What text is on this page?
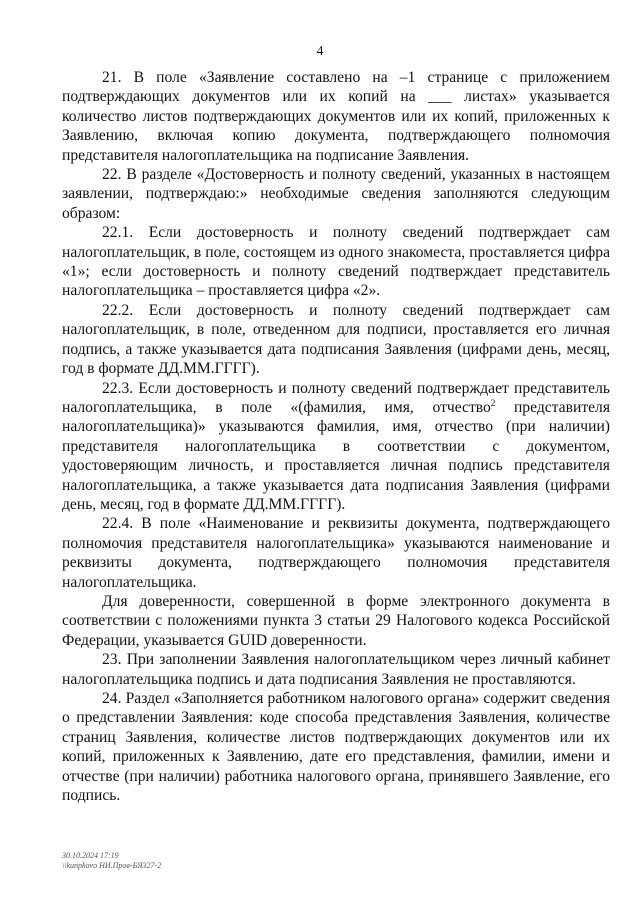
4

21. В поле «Заявление составлено на –1 странице с приложением подтверждающих документов или их копий на ___ листах» указывается количество листов подтверждающих документов или их копий, приложенных к Заявлению, включая копию документа, подтверждающего полномочия представителя налогоплательщика на подписание Заявления.

22. В разделе «Достоверность и полноту сведений, указанных в настоящем заявлении, подтверждаю:» необходимые сведения заполняются следующим образом:

22.1. Если достоверность и полноту сведений подтверждает сам налогоплательщик, в поле, состоящем из одного знакоместа, проставляется цифра «1»; если достоверность и полноту сведений подтверждает представитель налогоплательщика – проставляется цифра «2».

22.2. Если достоверность и полноту сведений подтверждает сам налогоплательщик, в поле, отведенном для подписи, проставляется его личная подпись, а также указывается дата подписания Заявления (цифрами день, месяц, год в формате ДД.ММ.ГГГГ).

22.3. Если достоверность и полноту сведений подтверждает представитель налогоплательщика, в поле «(фамилия, имя, отчество$^2$ представителя налогоплательщика)» указываются фамилия, имя, отчество (при наличии) представителя налогоплательщика в соответствии с документом, удостоверяющим личность, и проставляется личная подпись представителя налогоплательщика, а также указывается дата подписания Заявления (цифрами день, месяц, год в формате ДД.ММ.ГГГГ).

22.4. В поле «Наименование и реквизиты документа, подтверждающего полномочия представителя налогоплательщика» указываются наименование и реквизиты документа, подтверждающего полномочия представителя налогоплательщика.

Для доверенности, совершенной в форме электронного документа в соответствии с положениями пункта 3 статьи 29 Налогового кодекса Российской Федерации, указывается GUID доверенности.

23. При заполнении Заявления налогоплательщиком через личный кабинет налогоплательщика подпись и дата подписания Заявления не проставляются.

24. Раздел «Заполняется работником налогового органа» содержит сведения о представлении Заявления: коде способа представления Заявления, количестве страниц Заявления, количестве листов подтверждающих документов или их копий, приложенных к Заявлению, дате его представления, фамилии, имени и отчестве (при наличии) работника налогового органа, принявшего Заявление, его подпись.

30.10.2024 17:19
\\kunpkovo НИ.Пров-БЯ327-2
